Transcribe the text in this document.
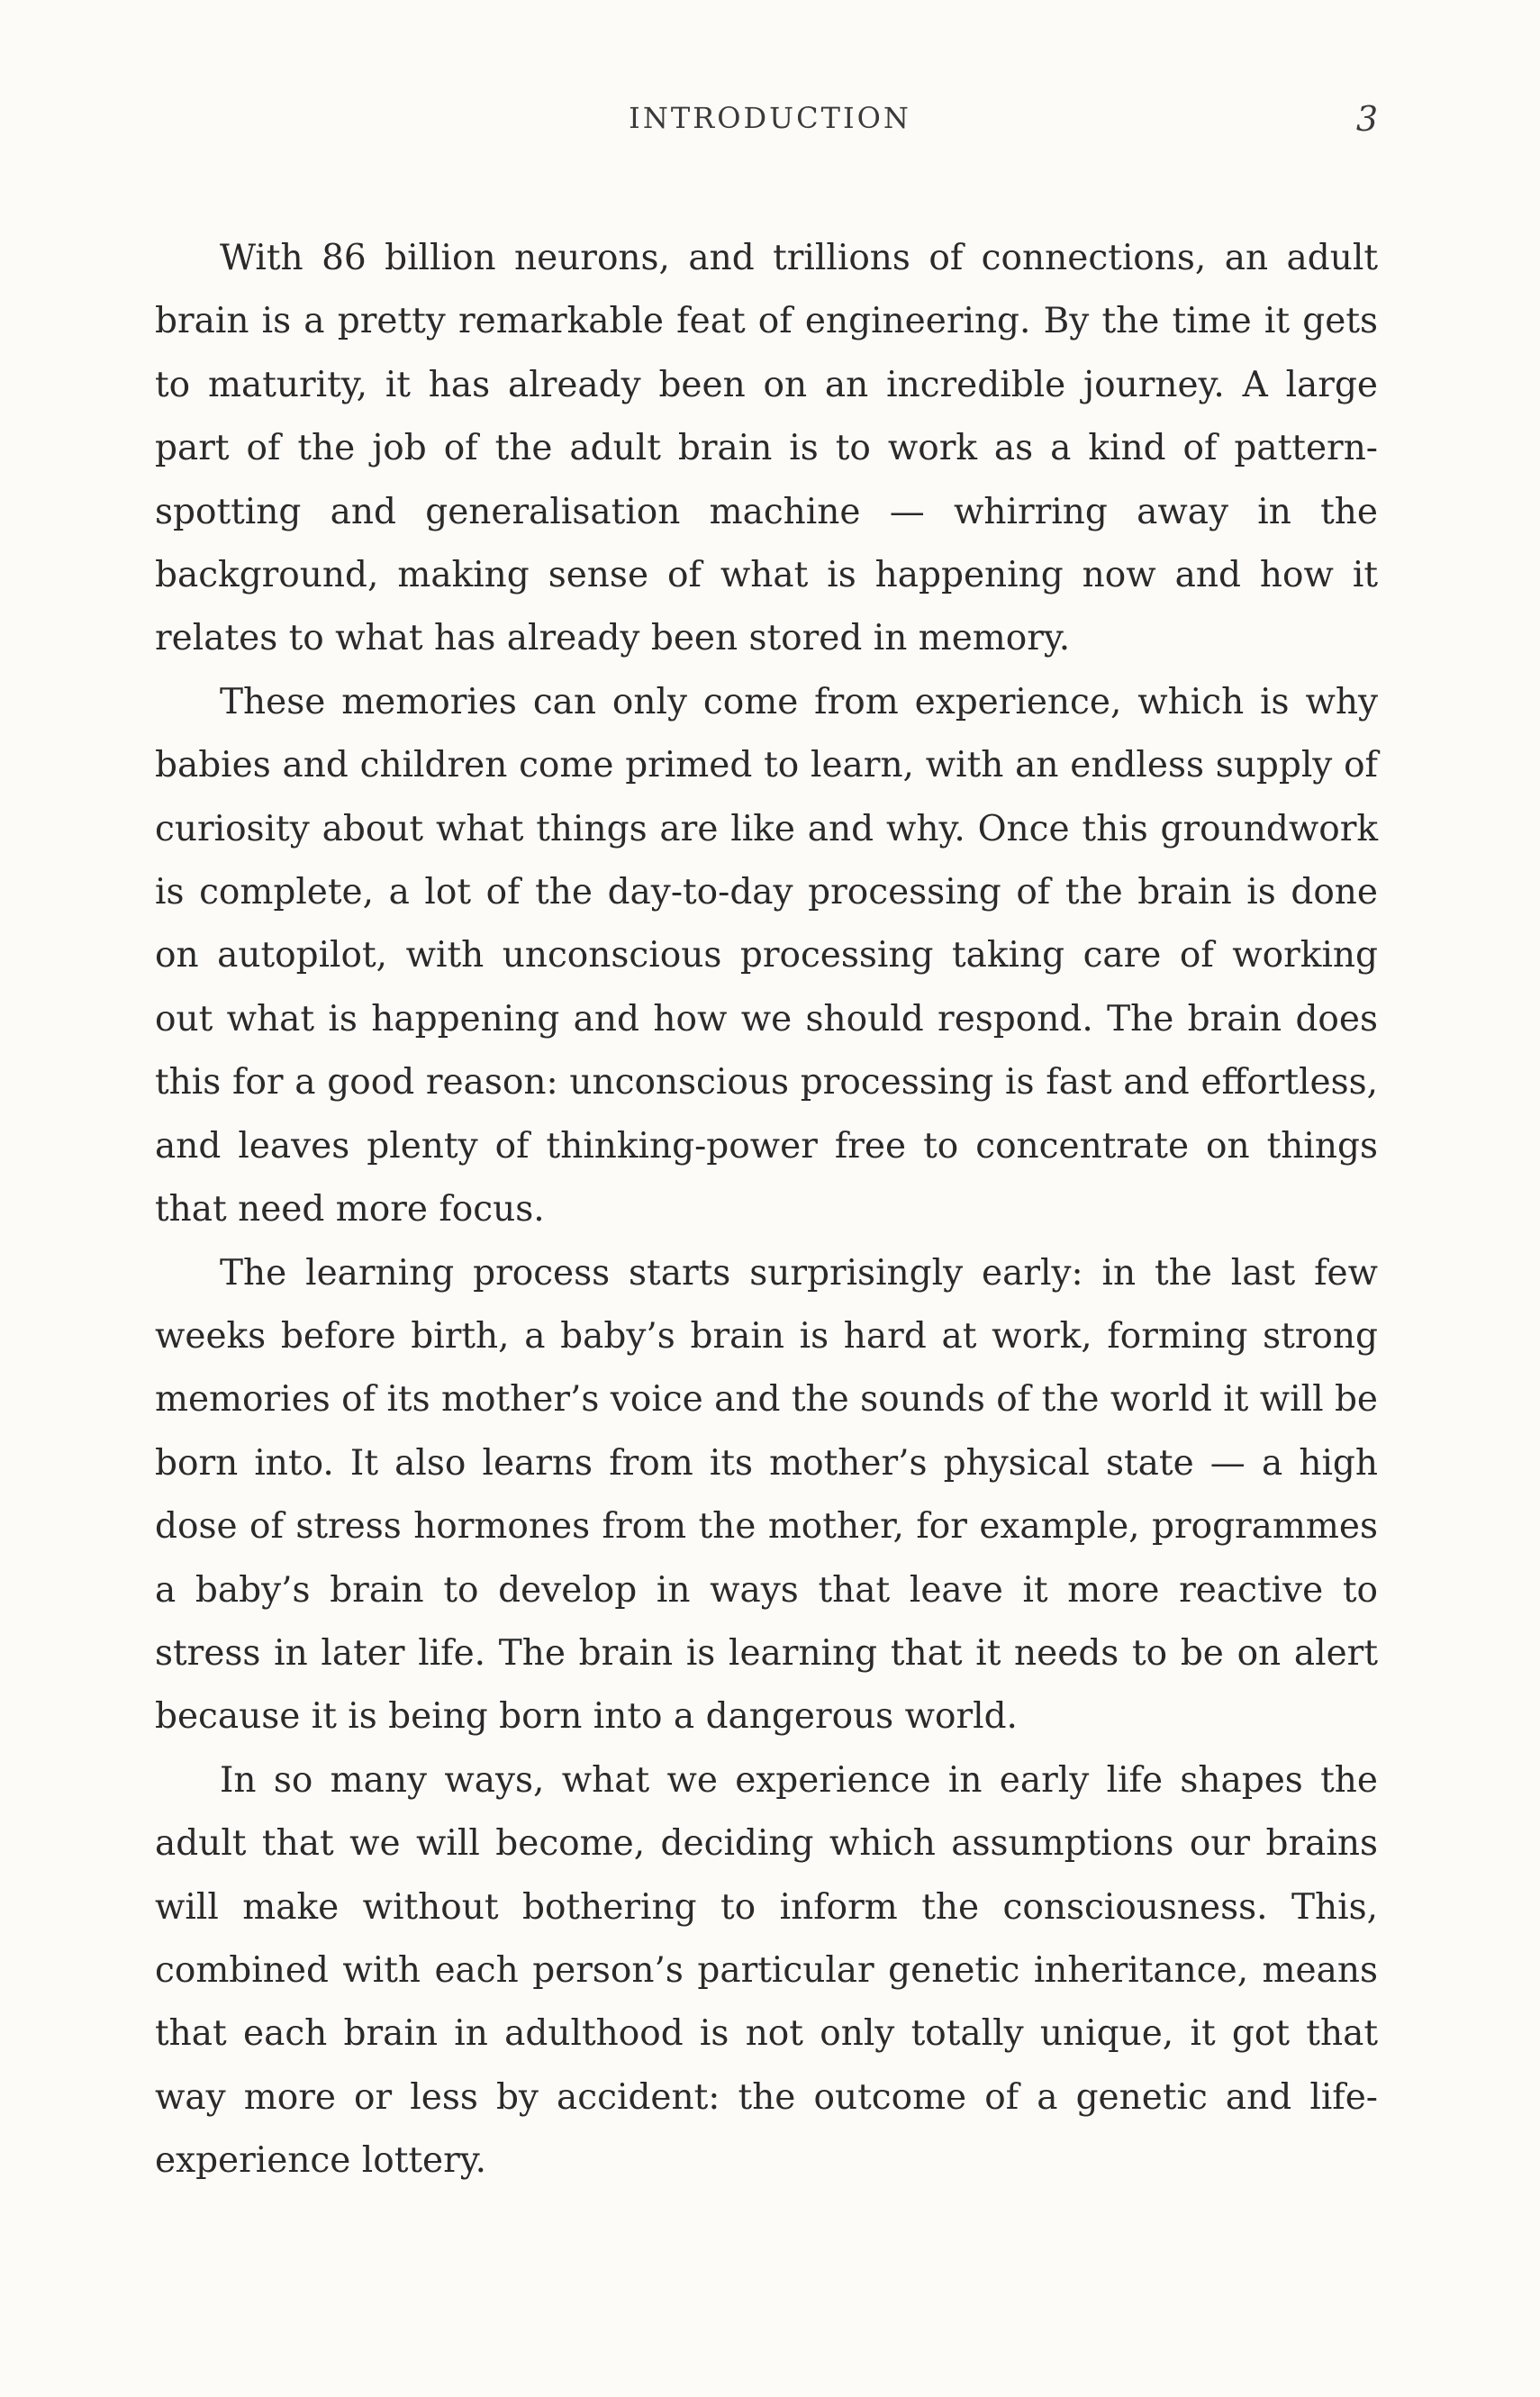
INTRODUCTION	3

With 86 billion neurons, and trillions of connections, an adult brain is a pretty remarkable feat of engineering. By the time it gets to maturity, it has already been on an incredible journey. A large part of the job of the adult brain is to work as a kind of pattern-spotting and generalisation machine — whirring away in the background, making sense of what is happening now and how it relates to what has already been stored in memory.

These memories can only come from experience, which is why babies and children come primed to learn, with an endless supply of curiosity about what things are like and why. Once this groundwork is complete, a lot of the day-to-day processing of the brain is done on autopilot, with unconscious processing taking care of working out what is happening and how we should respond. The brain does this for a good reason: unconscious processing is fast and effortless, and leaves plenty of thinking-power free to concentrate on things that need more focus.

The learning process starts surprisingly early: in the last few weeks before birth, a baby’s brain is hard at work, forming strong memories of its mother’s voice and the sounds of the world it will be born into. It also learns from its mother’s physical state — a high dose of stress hormones from the mother, for example, programmes a baby’s brain to develop in ways that leave it more reactive to stress in later life. The brain is learning that it needs to be on alert because it is being born into a dangerous world.

In so many ways, what we experience in early life shapes the adult that we will become, deciding which assumptions our brains will make without bothering to inform the consciousness. This, combined with each person’s particular genetic inheritance, means that each brain in adulthood is not only totally unique, it got that way more or less by accident: the outcome of a genetic and life-experience lottery.
